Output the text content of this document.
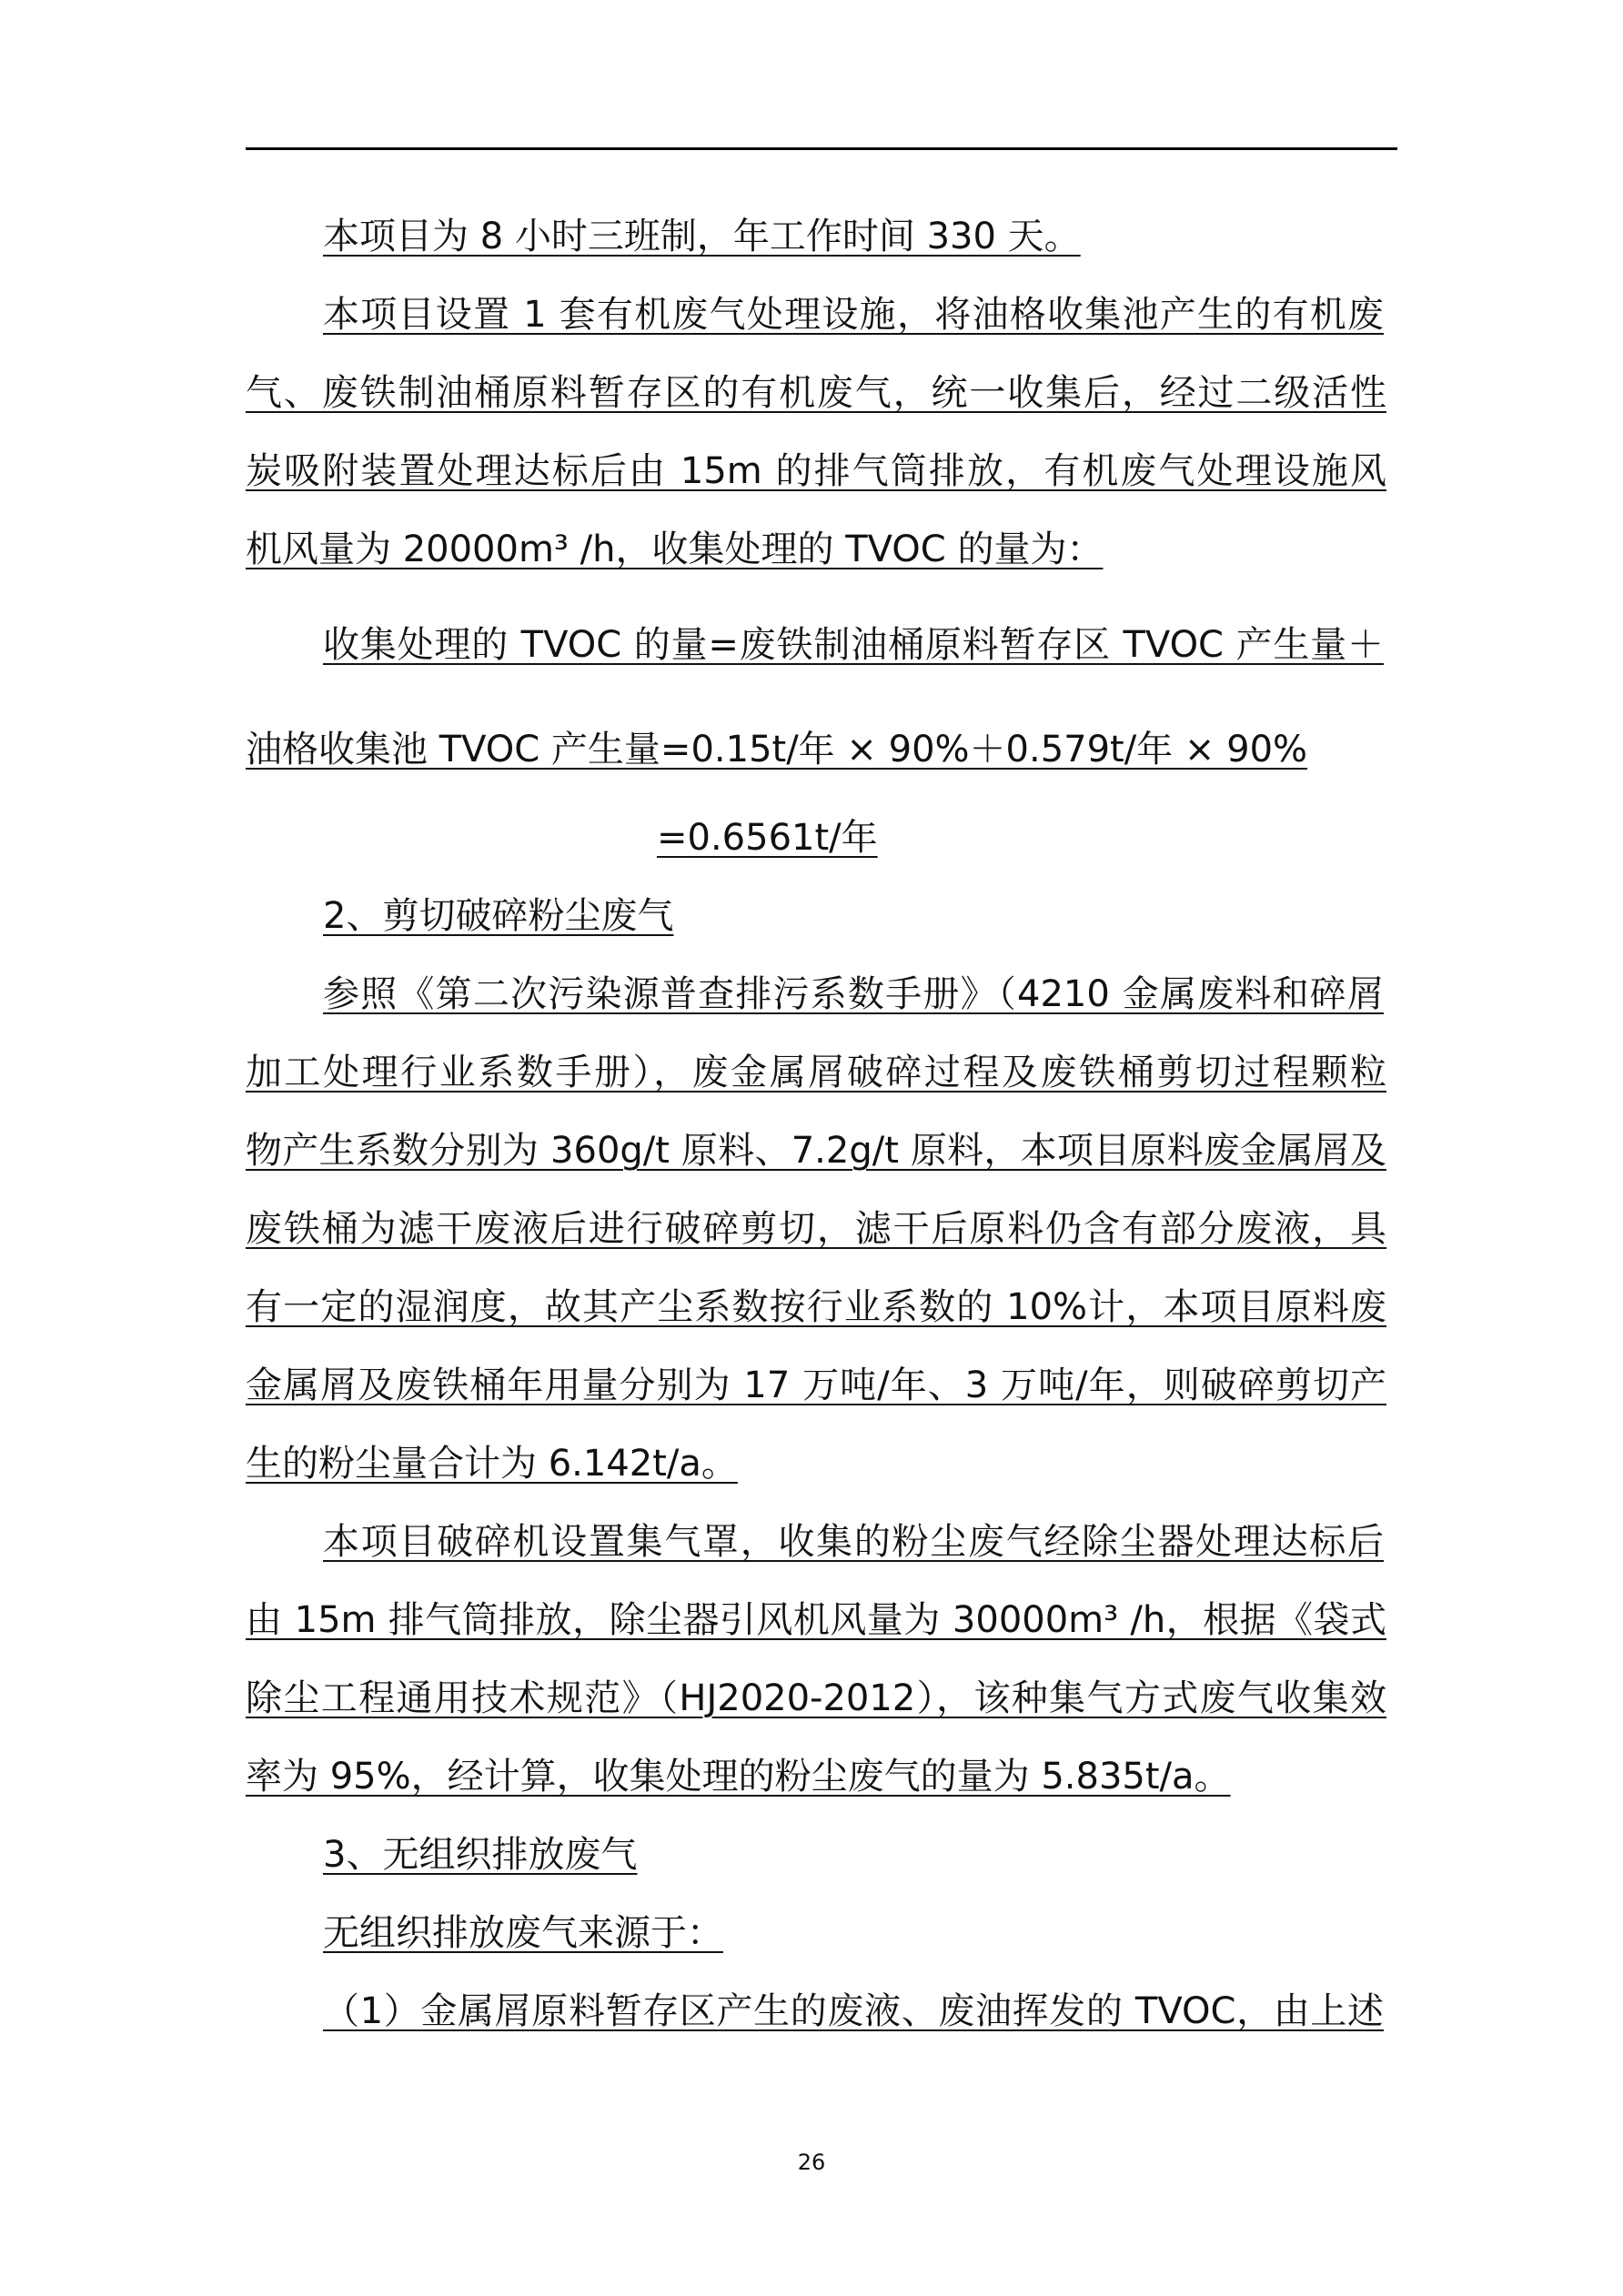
本项目为 8 小时三班制，年工作时间 330 天。
本项目设置 1 套有机废气处理设施，将油格收集池产生的有机废
气、废铁制油桶原料暂存区的有机废气，统一收集后，经过二级活性
炭吸附装置处理达标后由 15m 的排气筒排放，有机废气处理设施风
机风量为 20000m³ /h，收集处理的 TVOC 的量为：
收集处理的 TVOC 的量=废铁制油桶原料暂存区 TVOC 产生量＋
油格收集池 TVOC 产生量=0.15t/年 × 90%＋0.579t/年 × 90%
=0.6561t/年
2、剪切破碎粉尘废气
参照《第二次污染源普查排污系数手册》（4210 金属废料和碎屑
加工处理行业系数手册），废金属屑破碎过程及废铁桶剪切过程颗粒
物产生系数分别为 360g/t 原料、7.2g/t 原料，本项目原料废金属屑及
废铁桶为滤干废液后进行破碎剪切，滤干后原料仍含有部分废液，具
有一定的湿润度，故其产尘系数按行业系数的 10%计，本项目原料废
金属屑及废铁桶年用量分别为 17 万吨/年、3 万吨/年，则破碎剪切产
生的粉尘量合计为 6.142t/a。
本项目破碎机设置集气罩，收集的粉尘废气经除尘器处理达标后
由 15m 排气筒排放，除尘器引风机风量为 30000m³ /h，根据《袋式
除尘工程通用技术规范》（HJ2020-2012），该种集气方式废气收集效
率为 95%，经计算，收集处理的粉尘废气的量为 5.835t/a。
3、无组织排放废气
无组织排放废气来源于：
（1）金属屑原料暂存区产生的废液、废油挥发的 TVOC，由上述
26
